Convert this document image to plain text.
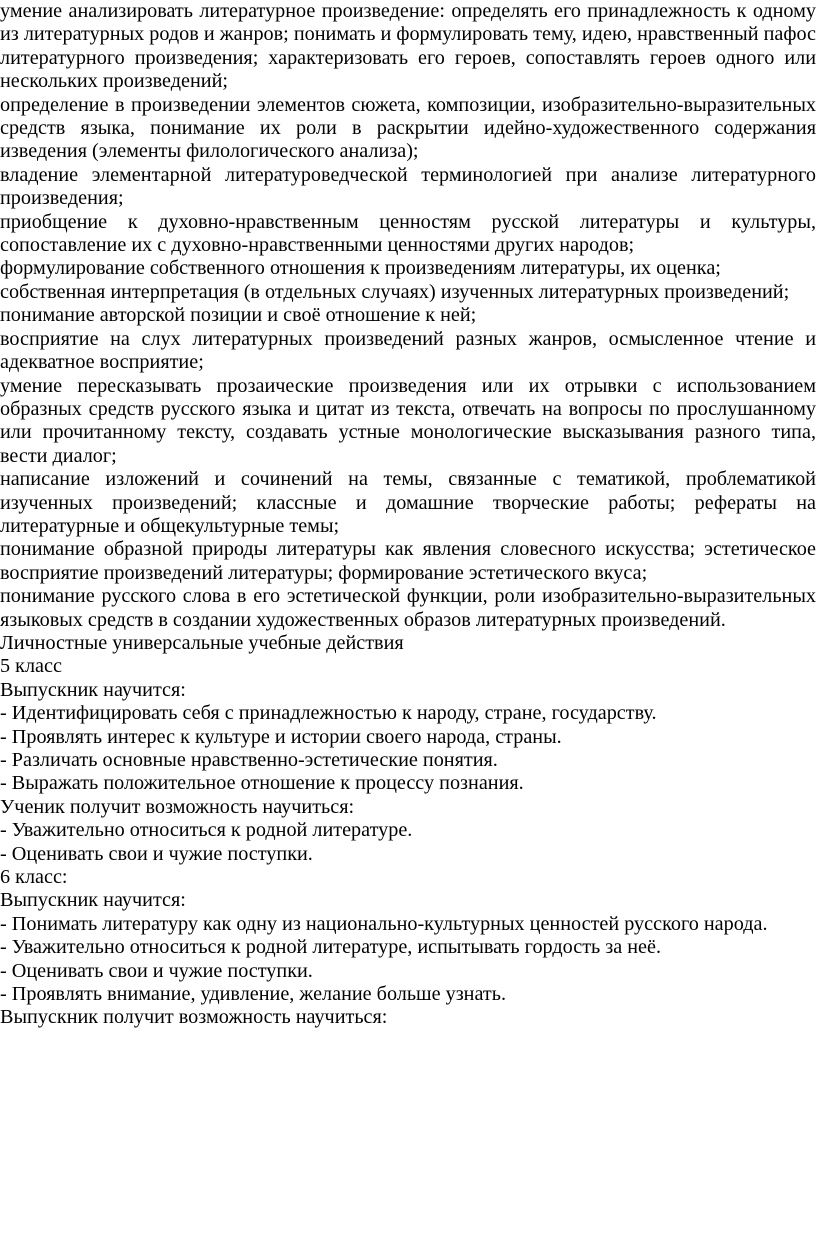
умение анализировать литературное произведение: определять его принадлежность к одному из литературных родов и жанров; понимать и формулировать тему, идею, нравственный пафос литературного произведения; характеризовать его героев, сопоставлять героев одного или нескольких произведений;

определение в произведении элементов сюжета, композиции, изобразительно-выразительных средств языка, понимание их роли в раскрытии идейно-художественного содержания изведения (элементы филологического анализа);

владение элементарной литературоведческой терминологией при анализе литературного произведения;

приобщение к духовно-нравственным ценностям русской литературы и культуры, сопоставление их с духовно-нравственными ценностями других народов;

формулирование собственного отношения к произведениям литературы, их оценка;

собственная интерпретация (в отдельных случаях) изученных литературных произведений;

понимание авторской позиции и своё отношение к ней;

восприятие на слух литературных произведений разных жанров, осмысленное чтение и адекватное восприятие;

умение пересказывать прозаические произведения или их отрывки с использованием образных средств русского языка и цитат из текста, отвечать на вопросы по прослушанному или прочитанному тексту, создавать устные монологические высказывания разного типа, вести диалог;

написание изложений и сочинений на темы, связанные с тематикой, проблематикой изученных произведений; классные и домашние творческие работы; рефераты на литературные и общекультурные темы;

понимание образной природы литературы как явления словесного искусства; эстетическое восприятие произведений литературы; формирование эстетического вкуса;

понимание русского слова в его эстетической функции, роли изобразительно-выразительных языковых средств в создании художественных образов литературных произведений.

Личностные универсальные учебные действия

5 класс

Выпускник научится:

- Идентифицировать себя с принадлежностью к народу, стране, государству.

- Проявлять интерес к культуре и истории своего народа, страны.

- Различать основные нравственно-эстетические понятия.

- Выражать положительное отношение к процессу познания.

Ученик получит возможность научиться:

- Уважительно относиться к родной литературе.

- Оценивать свои и чужие поступки.

6 класс:

Выпускник научится:

- Понимать литературу как одну из национально-культурных ценностей русского народа.

- Уважительно относиться к родной литературе, испытывать гордость за неё.

- Оценивать свои и чужие поступки.

- Проявлять внимание, удивление, желание больше узнать.

Выпускник получит возможность научиться:
